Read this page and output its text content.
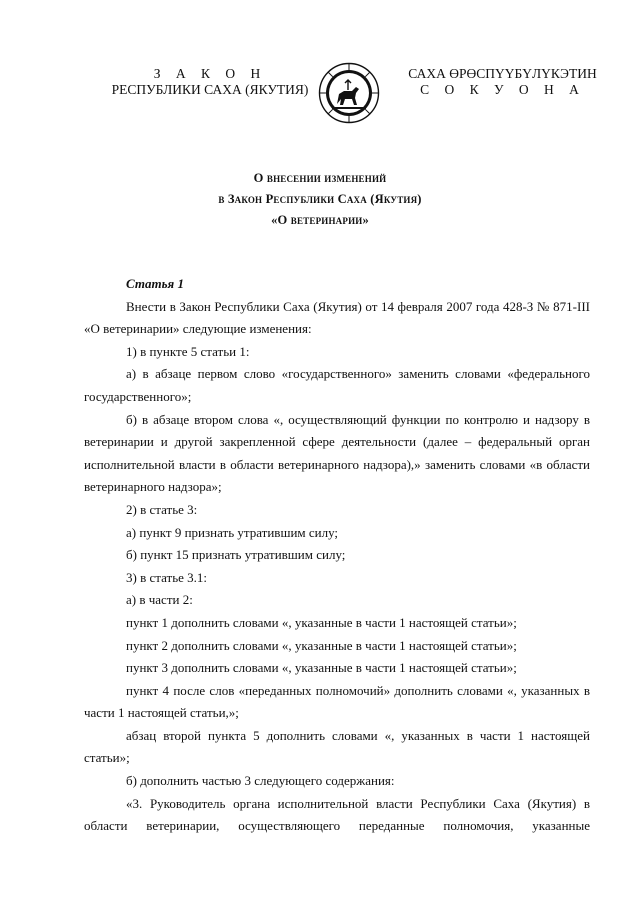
З А К О Н
РЕСПУБЛИКИ САХА (ЯКУТИЯ)
САХА ӨРӨСПҮҮБҮЛҮКЭТИН
С О К У О Н А
О внесении изменений
в Закон Республики Саха (Якутия)
«О ветеринарии»
Статья 1

Внести в Закон Республики Саха (Якутия) от 14 февраля 2007 года 428-З № 871-III «О ветеринарии» следующие изменения:

1) в пункте 5 статьи 1:

а) в абзаце первом слово «государственного» заменить словами «федерального государственного»;

б) в абзаце втором слова «, осуществляющий функции по контролю и надзору в ветеринарии и другой закрепленной сфере деятельности (далее – федеральный орган исполнительной власти в области ветеринарного надзора),» заменить словами «в области ветеринарного надзора»;

2) в статье 3:

а) пункт 9 признать утратившим силу;

б) пункт 15 признать утратившим силу;

3) в статье 3.1:

а) в части 2:

пункт 1 дополнить словами «, указанные в части 1 настоящей статьи»;

пункт 2 дополнить словами «, указанные в части 1 настоящей статьи»;

пункт 3 дополнить словами «, указанные в части 1 настоящей статьи»;

пункт 4 после слов «переданных полномочий» дополнить словами «, указанных в части 1 настоящей статьи,»;

абзац второй пункта 5 дополнить словами «, указанных в части 1 настоящей статьи»;

б) дополнить частью 3 следующего содержания:

«3. Руководитель органа исполнительной власти Республики Саха (Якутия) в области ветеринарии, осуществляющего переданные полномочия, указанные
